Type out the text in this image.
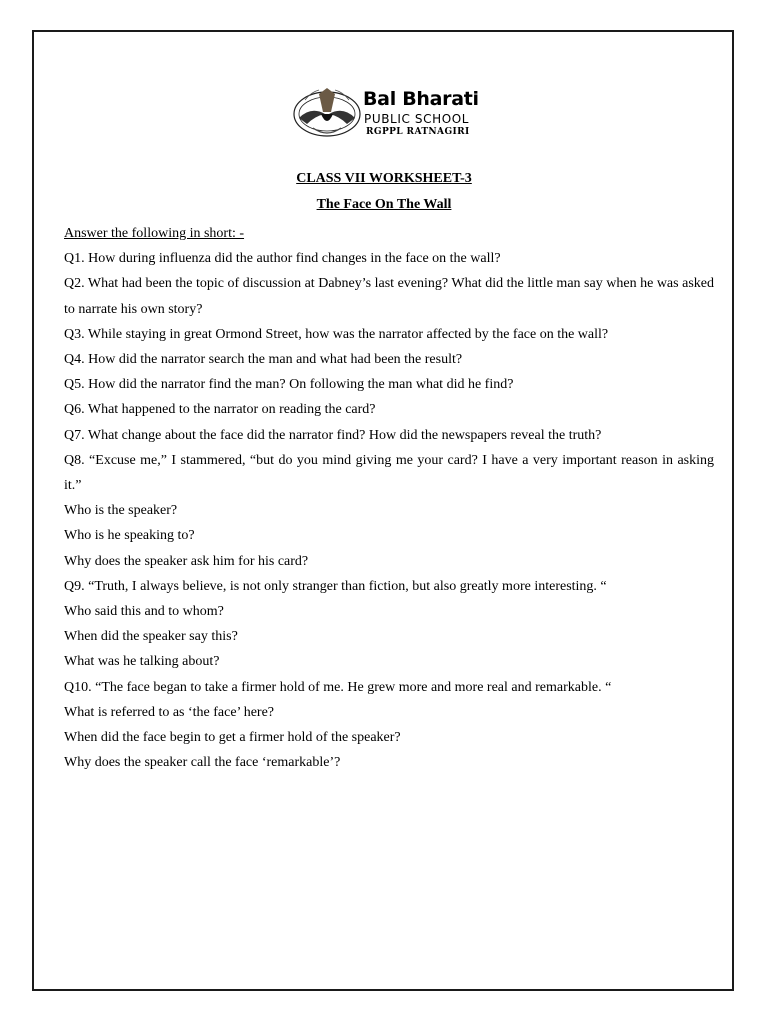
Bal Bharati
PUBLIC SCHOOL
RGPPL RATNAGIRI
CLASS VII WORKSHEET-3
The Face On The Wall

Answer the following in short: -

Q1. How during influenza did the author find changes in the face on the wall?

Q2. What had been the topic of discussion at Dabney’s last evening? What did the little man say when he was asked to narrate his own story?

Q3. While staying in great Ormond Street, how was the narrator affected by the face on the wall?

Q4. How did the narrator search the man and what had been the result?

Q5. How did the narrator find the man? On following the man what did he find?

Q6. What happened to the narrator on reading the card?

Q7. What change about the face did the narrator find? How did the newspapers reveal the truth?

Q8. “Excuse me,” I stammered, “but do you mind giving me your card? I have a very important reason in asking it.”

Who is the speaker?

Who is he speaking to?

Why does the speaker ask him for his card?

Q9. “Truth, I always believe, is not only stranger than fiction, but also greatly more interesting. “

Who said this and to whom?

When did the speaker say this?

What was he talking about?

Q10. “The face began to take a firmer hold of me. He grew more and more real and remarkable. “

What is referred to as ‘the face’ here?

When did the face begin to get a firmer hold of the speaker?

Why does the speaker call the face ‘remarkable’?
